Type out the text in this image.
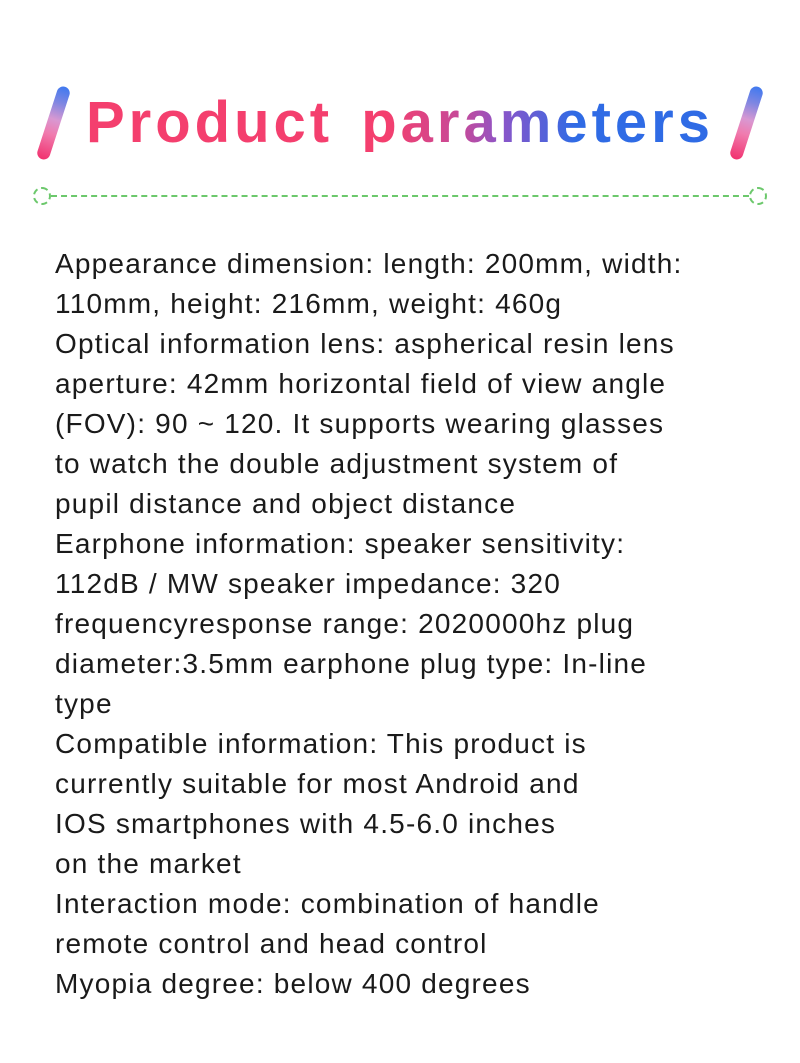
Product parameters
Appearance dimension: length: 200mm, width:
110mm, height: 216mm, weight: 460g
Optical information lens: aspherical resin lens
aperture: 42mm horizontal field of view angle
(FOV): 90 ~ 120. It supports wearing glasses
to watch the double adjustment system of
pupil distance and object distance
Earphone information: speaker sensitivity:
112dB / MW speaker impedance: 320
frequencyresponse range: 2020000hz plug
diameter:3.5mm earphone plug type: In-line
type
Compatible information: This product is
currently suitable for most Android and
IOS smartphones with 4.5-6.0 inches
on the market
Interaction mode: combination of handle
remote control and head control
Myopia degree: below 400 degrees
